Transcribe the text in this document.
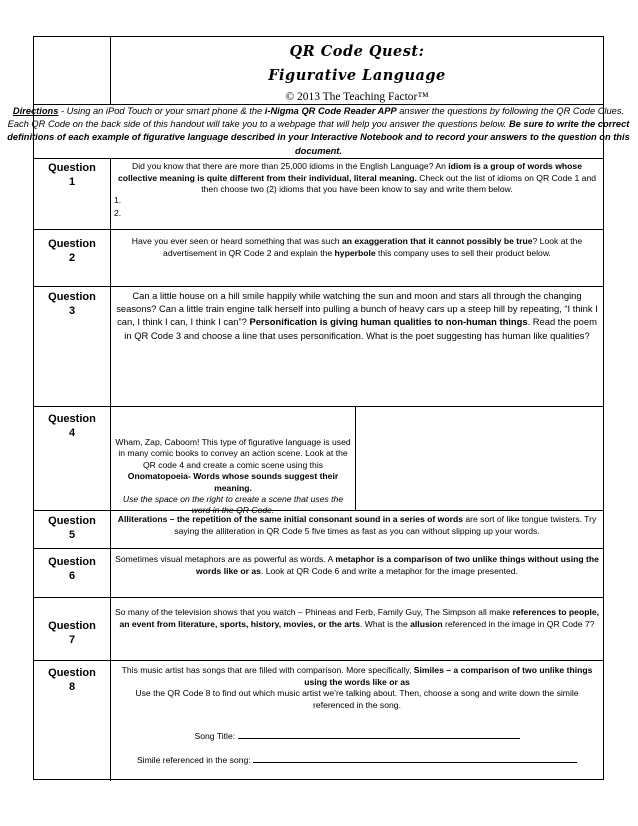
QR Code Quest:
Figurative Language
© 2013 The Teaching Factor™
Directions - Using an iPod Touch or your smart phone & the i-Nigma QR Code Reader APP answer the questions by following the QR Code Clues. Each QR Code on the back side of this handout will take you to a webpage that will help you answer the questions below. Be sure to write the correct definitions of each example of figurative language described in your Interactive Notebook and to record your answers to the question on this document.
Question
1
Did you know that there are more than 25,000 idioms in the English Language? An idiom is a group of words whose collective meaning is quite different from their individual, literal meaning. Check out the list of idioms on QR Code 1 and then choose two (2) idioms that you have been know to say and write them below.
1.
2.
Question
2
Have you ever seen or heard something that was such an exaggeration that it cannot possibly be true? Look at the advertisement in QR Code 2 and explain the hyperbole this company uses to sell their product below.
Question
3
Can a little house on a hill smile happily while watching the sun and moon and stars all through the changing seasons? Can a little train engine talk herself into pulling a bunch of heavy cars up a steep hill by repeating, “I think I can, I think I can, I think I can”? Personification is giving human qualities to non-human things. Read the poem in QR Code 3 and choose a line that uses personification. What is the poet suggesting has human like qualities?
Question
4
Wham, Zap, Caboom! This type of figurative language is used in many comic books to convey an action scene. Look at the QR code 4 and create a comic scene using this Onomatopoeia- Words whose sounds suggest their meaning.
Use the space on the right to create a scene that uses the word in the QR Code.
Question
5
Alliterations – the repetition of the same initial consonant sound in a series of words are sort of like tongue twisters. Try saying the alliteration in QR Code 5 five times as fast as you can without slipping up your words.
Question
6
Sometimes visual metaphors are as powerful as words. A metaphor is a comparison of two unlike things without using the words like or as. Look at QR Code 6 and write a metaphor for the image presented.
Question
7
So many of the television shows that you watch – Phineas and Ferb, Family Guy, The Simpson all make references to people, an event from literature, sports, history, movies, or the arts. What is the allusion referenced in the image in QR Code 7?
Question
8
This music artist has songs that are filled with comparison. More specifically, Similes – a comparison of two unlike things using the words like or as
Use the QR Code 8 to find out which music artist we’re talking about. Then, choose a song and write down the simile referenced in the song.
Song Title:
Simile referenced in the song:
